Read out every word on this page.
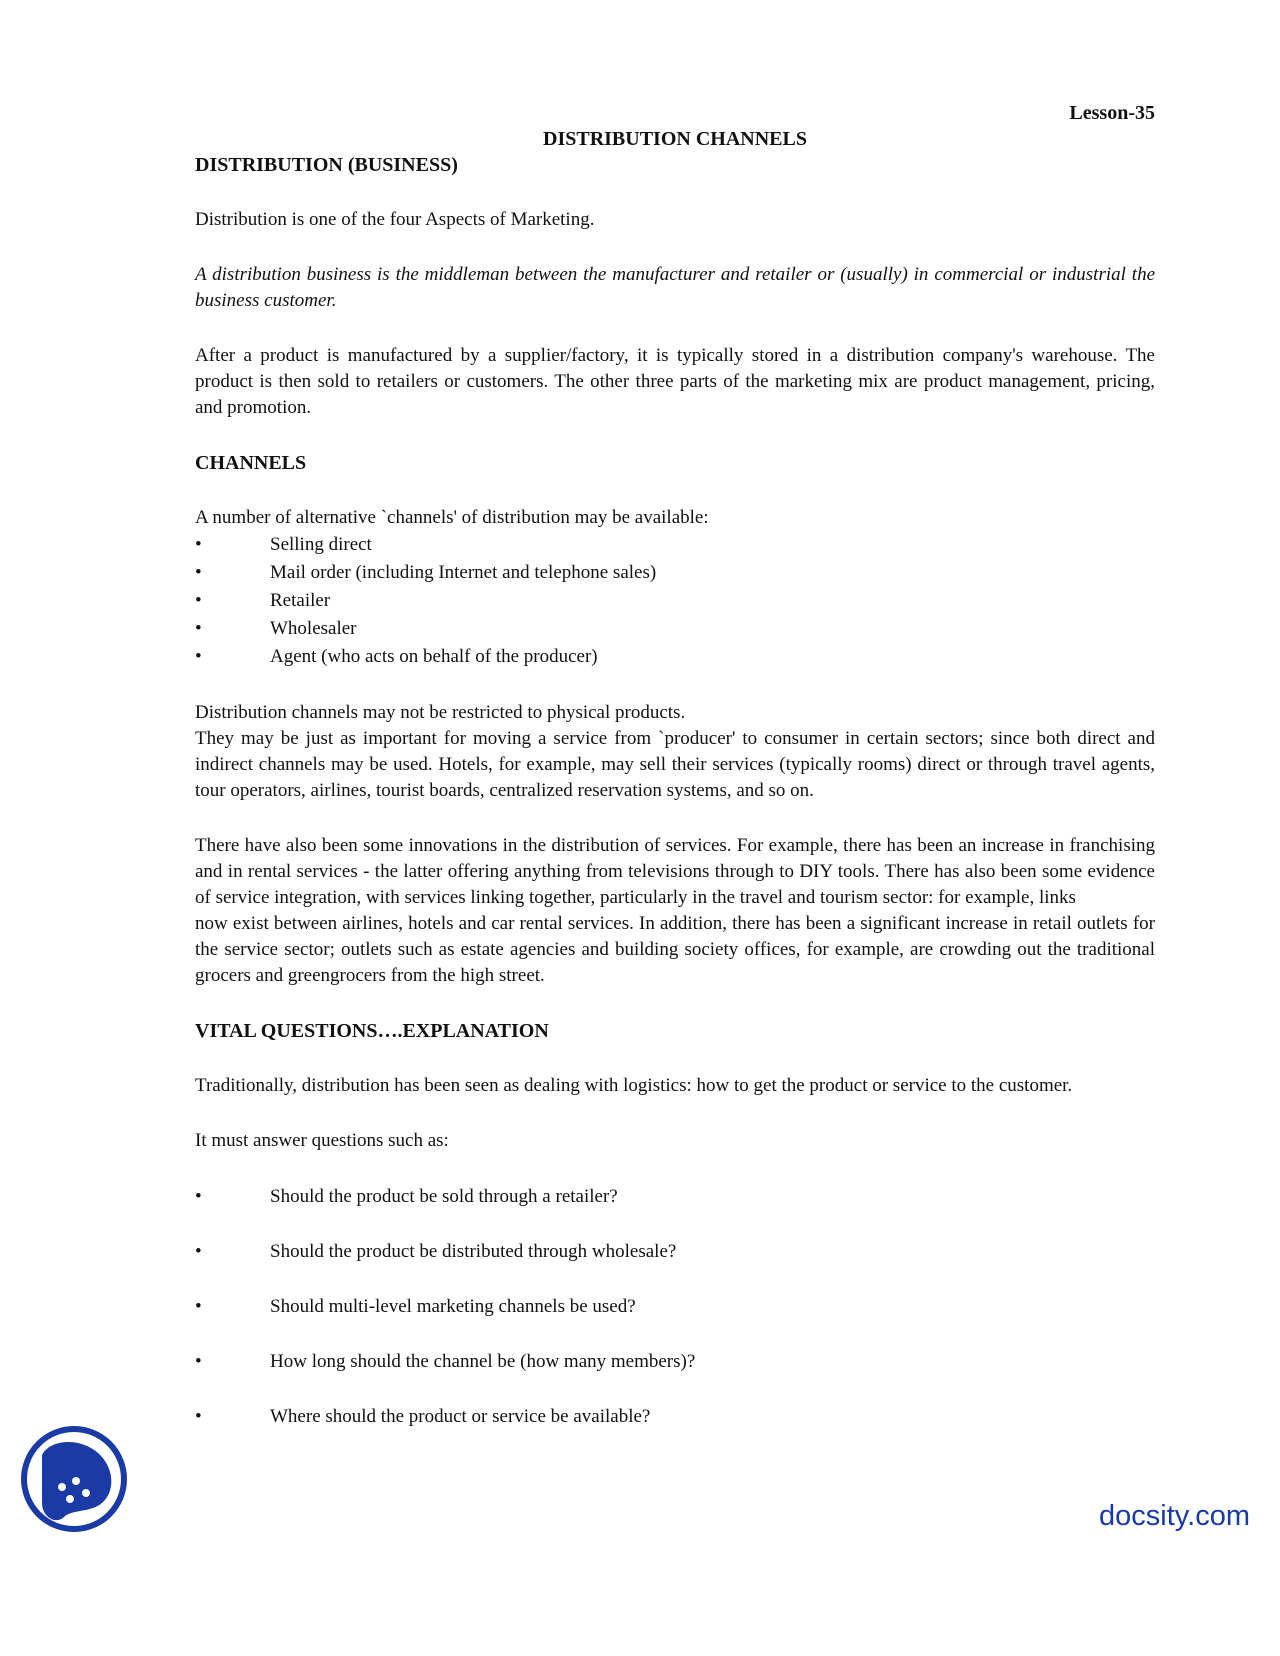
Lesson-35
DISTRIBUTION CHANNELS
DISTRIBUTION (BUSINESS)

Distribution is one of the four Aspects of Marketing.

A distribution business is the middleman between the manufacturer and retailer or (usually) in commercial or industrial the business customer.

After a product is manufactured by a supplier/factory, it is typically stored in a distribution company's warehouse. The product is then sold to retailers or customers. The other three parts of the marketing mix are product management, pricing, and promotion.

CHANNELS

A number of alternative `channels' of distribution may be available:

•	Selling direct
•	Mail order (including Internet and telephone sales)
•	Retailer
•	Wholesaler
•	Agent (who acts on behalf of the producer)

Distribution channels may not be restricted to physical products.

They may be just as important for moving a service from `producer' to consumer in certain sectors; since both direct and indirect channels may be used. Hotels, for example, may sell their services (typically rooms) direct or through travel agents, tour operators, airlines, tourist boards, centralized reservation systems, and so on.

There have also been some innovations in the distribution of services. For example, there has been an increase in franchising and in rental services - the latter offering anything from televisions through to DIY tools. There has also been some evidence of service integration, with services linking together, particularly in the travel and tourism sector: for example, links

now exist between airlines, hotels and car rental services. In addition, there has been a significant increase in retail outlets for the service sector; outlets such as estate agencies and building society offices, for example, are crowding out the traditional grocers and greengrocers from the high street.

VITAL QUESTIONS….EXPLANATION

Traditionally, distribution has been seen as dealing with logistics: how to get the product or service to the customer.

It must answer questions such as:

•	Should the product be sold through a retailer?
•	Should the product be distributed through wholesale?
•	Should multi-level marketing channels be used?
•	How long should the channel be (how many members)?
•	Where should the product or service be available?
docsity.com
